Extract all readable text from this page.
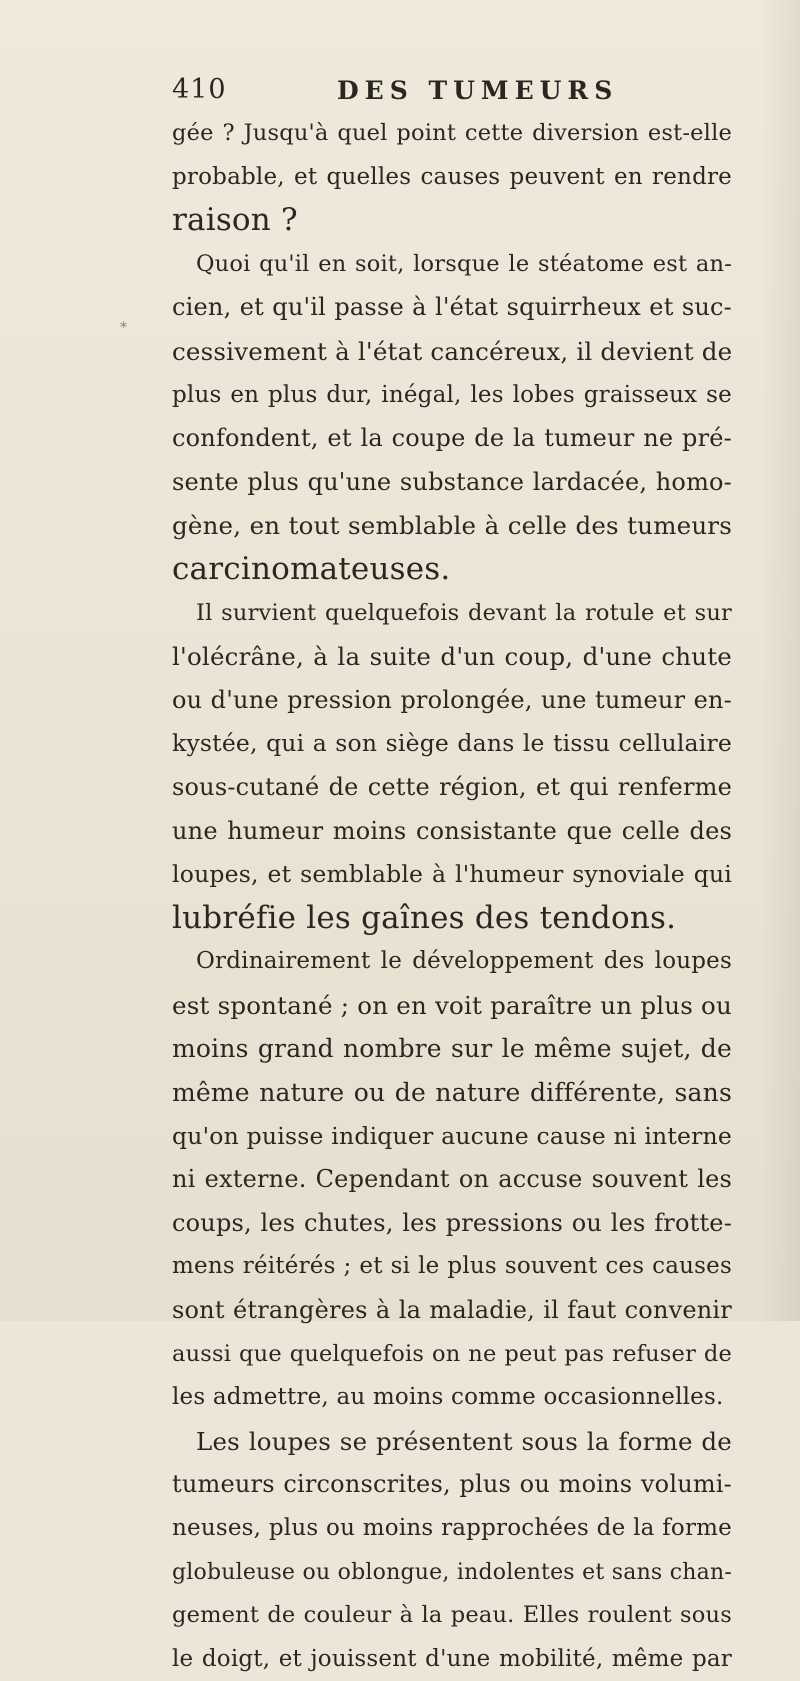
410	DES TUMEURS
*
gée ? Jusqu'à quel point cette diversion est-elle
probable, et quelles causes peuvent en rendre
raison ?
Quoi qu'il en soit, lorsque le stéatome est an-
cien, et qu'il passe à l'état squirrheux et suc-
cessivement à l'état cancéreux, il devient de
plus en plus dur, inégal, les lobes graisseux se
confondent, et la coupe de la tumeur ne pré-
sente plus qu'une substance lardacée, homo-
gène, en tout semblable à celle des tumeurs
carcinomateuses.
Il survient quelquefois devant la rotule et sur
l'olécrâne, à la suite d'un coup, d'une chute
ou d'une pression prolongée, une tumeur en-
kystée, qui a son siège dans le tissu cellulaire
sous-cutané de cette région, et qui renferme
une humeur moins consistante que celle des
loupes, et semblable à l'humeur synoviale qui
lubréfie les gaînes des tendons.
Ordinairement le développement des loupes
est spontané ; on en voit paraître un plus ou
moins grand nombre sur le même sujet, de
même nature ou de nature différente, sans
qu'on puisse indiquer aucune cause ni interne
ni externe. Cependant on accuse souvent les
coups, les chutes, les pressions ou les frotte-
mens réitérés ; et si le plus souvent ces causes
sont étrangères à la maladie, il faut convenir
aussi que quelquefois on ne peut pas refuser de
les admettre, au moins comme occasionnelles.
Les loupes se présentent sous la forme de
tumeurs circonscrites, plus ou moins volumi-
neuses, plus ou moins rapprochées de la forme
globuleuse ou oblongue, indolentes et sans chan-
gement de couleur à la peau. Elles roulent sous
le doigt, et jouissent d'une mobilité, même par
